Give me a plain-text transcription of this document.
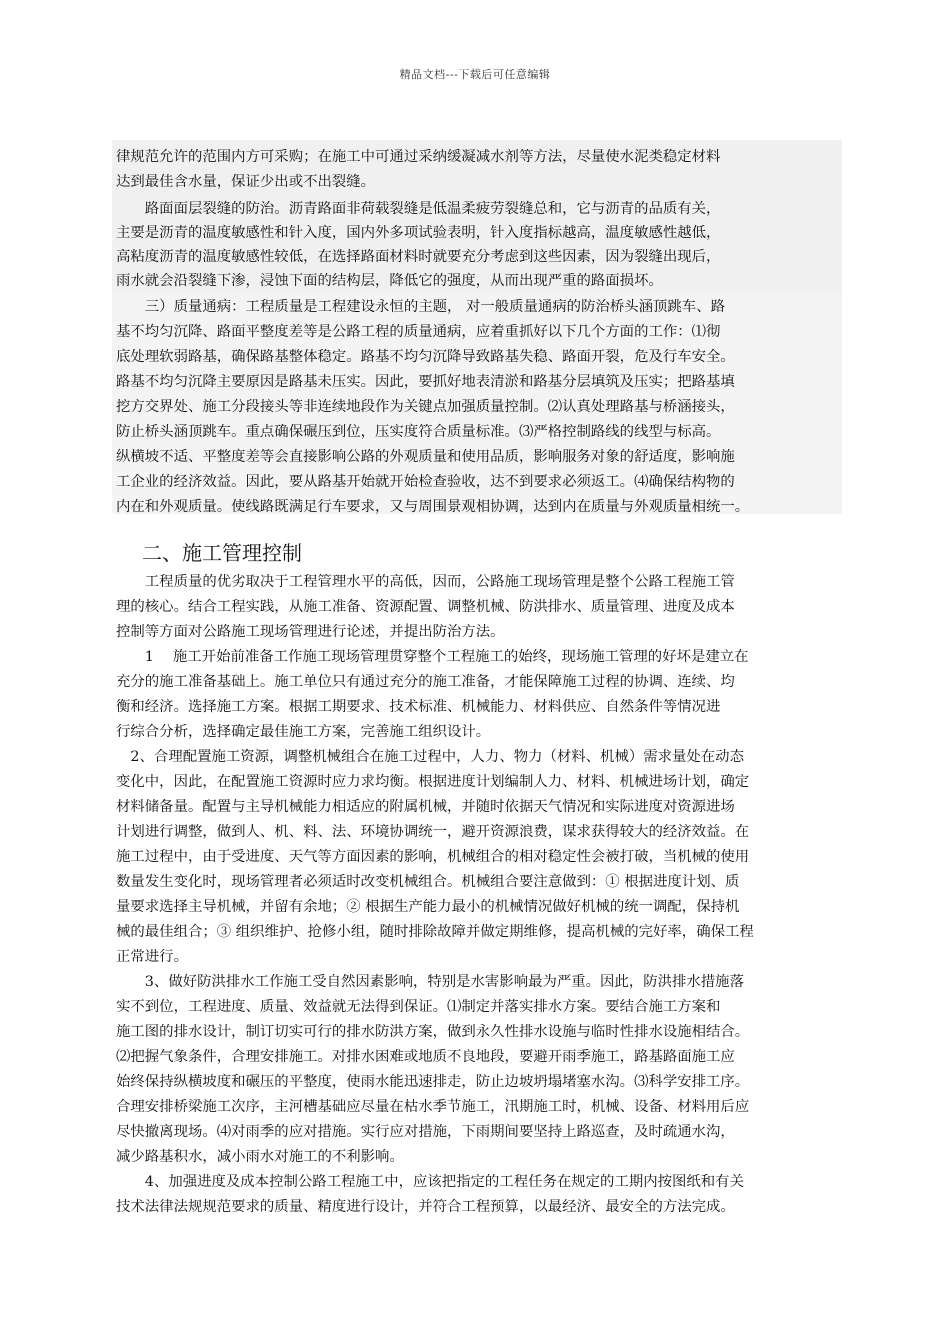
精品文档---下载后可任意编辑
律规范允许的范围内方可采购；在施工中可通过采纳缓凝减水剂等方法，尽量使水泥类稳定材料
达到最佳含水量，保证少出或不出裂缝。
　　路面面层裂缝的防治。沥青路面非荷载裂缝是低温柔疲劳裂缝总和，它与沥青的品质有关，
主要是沥青的温度敏感性和针入度，国内外多项试验表明，针入度指标越高，温度敏感性越低，
高粘度沥青的温度敏感性较低，在选择路面材料时就要充分考虑到这些因素，因为裂缝出现后，
雨水就会沿裂缝下渗，浸蚀下面的结构层，降低它的强度，从而出现严重的路面损坏。
　　三）质量通病：工程质量是工程建设永恒的主题， 对一般质量通病的防治桥头涵顶跳车、路
基不均匀沉降、路面平整度差等是公路工程的质量通病，应着重抓好以下几个方面的工作：⑴彻
底处理软弱路基，确保路基整体稳定。路基不均匀沉降导致路基失稳、路面开裂，危及行车安全。
路基不均匀沉降主要原因是路基未压实。因此，要抓好地表清淤和路基分层填筑及压实；把路基填
挖方交界处、施工分段接头等非连续地段作为关键点加强质量控制。⑵认真处理路基与桥涵接头，
防止桥头涵顶跳车。重点确保碾压到位，压实度符合质量标准。⑶严格控制路线的线型与标高。
纵横坡不适、平整度差等会直接影响公路的外观质量和使用品质，影响服务对象的舒适度，影响施
工企业的经济效益。因此，要从路基开始就开始检查验收，达不到要求必须返工。⑷确保结构物的
内在和外观质量。使线路既满足行车要求，又与周围景观相协调，达到内在质量与外观质量相统一。
二、施工管理控制
　　工程质量的优劣取决于工程管理水平的高低，因而，公路施工现场管理是整个公路工程施工管
理的核心。结合工程实践，从施工准备、资源配置、调整机械、防洪排水、质量管理、进度及成本
控制等方面对公路施工现场管理进行论述，并提出防治方法。
　　1　 施工开始前准备工作施工现场管理贯穿整个工程施工的始终，现场施工管理的好坏是建立在
充分的施工准备基础上。施工单位只有通过充分的施工准备，才能保障施工过程的协调、连续、均
衡和经济。选择施工方案。根据工期要求、技术标准、机械能力、材料供应、自然条件等情况进
行综合分析，选择确定最佳施工方案，完善施工组织设计。
　2、合理配置施工资源，调整机械组合在施工过程中，人力、物力（材料、机械）需求量处在动态
变化中，因此，在配置施工资源时应力求均衡。根据进度计划编制人力、材料、机械进场计划，确定
材料储备量。配置与主导机械能力相适应的附属机械，并随时依据天气情况和实际进度对资源进场
计划进行调整，做到人、机、料、法、环境协调统一，避开资源浪费，谋求获得较大的经济效益。在
施工过程中，由于受进度、天气等方面因素的影响，机械组合的相对稳定性会被打破，当机械的使用
数量发生变化时，现场管理者必须适时改变机械组合。机械组合要注意做到：① 根据进度计划、质
量要求选择主导机械，并留有余地；② 根据生产能力最小的机械情况做好机械的统一调配，保持机
械的最佳组合；③ 组织维护、抢修小组，随时排除故障并做定期维修，提高机械的完好率，确保工程
正常进行。
　　3、做好防洪排水工作施工受自然因素影响，特别是水害影响最为严重。因此，防洪排水措施落
实不到位，工程进度、质量、效益就无法得到保证。⑴制定并落实排水方案。要结合施工方案和
施工图的排水设计，制订切实可行的排水防洪方案，做到永久性排水设施与临时性排水设施相结合。
⑵把握气象条件，合理安排施工。对排水困难或地质不良地段，要避开雨季施工，路基路面施工应
始终保持纵横坡度和碾压的平整度，使雨水能迅速排走，防止边坡坍塌堵塞水沟。⑶科学安排工序。
合理安排桥梁施工次序，主河槽基础应尽量在枯水季节施工，汛期施工时，机械、设备、材料用后应
尽快撤离现场。⑷对雨季的应对措施。实行应对措施，下雨期间要坚持上路巡查，及时疏通水沟，
减少路基积水，减小雨水对施工的不利影响。
　　4、加强进度及成本控制公路工程施工中，应该把指定的工程任务在规定的工期内按图纸和有关
技术法律法规规范要求的质量、精度进行设计，并符合工程预算，以最经济、最安全的方法完成。
